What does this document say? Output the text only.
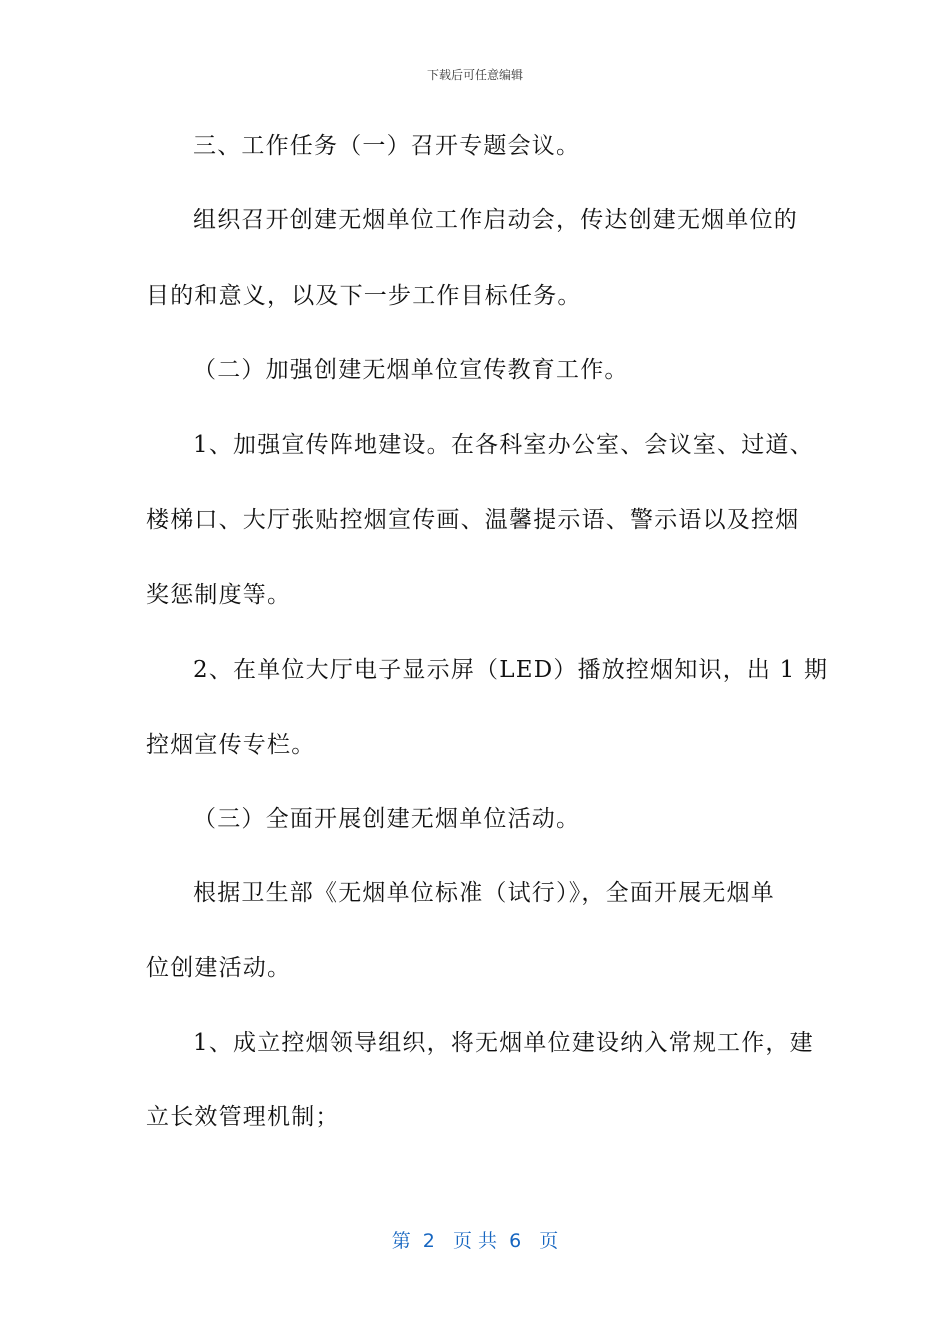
下载后可任意编辑
三、工作任务（一）召开专题会议。
组织召开创建无烟单位工作启动会，传达创建无烟单位的
目的和意义，以及下一步工作目标任务。
（二）加强创建无烟单位宣传教育工作。
1、加强宣传阵地建设。在各科室办公室、会议室、过道、
楼梯口、大厅张贴控烟宣传画、温馨提示语、警示语以及控烟
奖惩制度等。
2、在单位大厅电子显示屏（LED）播放控烟知识，出 1 期
控烟宣传专栏。
（三）全面开展创建无烟单位活动。
根据卫生部《无烟单位标准（试行）》，全面开展无烟单
位创建活动。
1、成立控烟领导组织，将无烟单位建设纳入常规工作，建
立长效管理机制；
第  2   页 共  6   页
